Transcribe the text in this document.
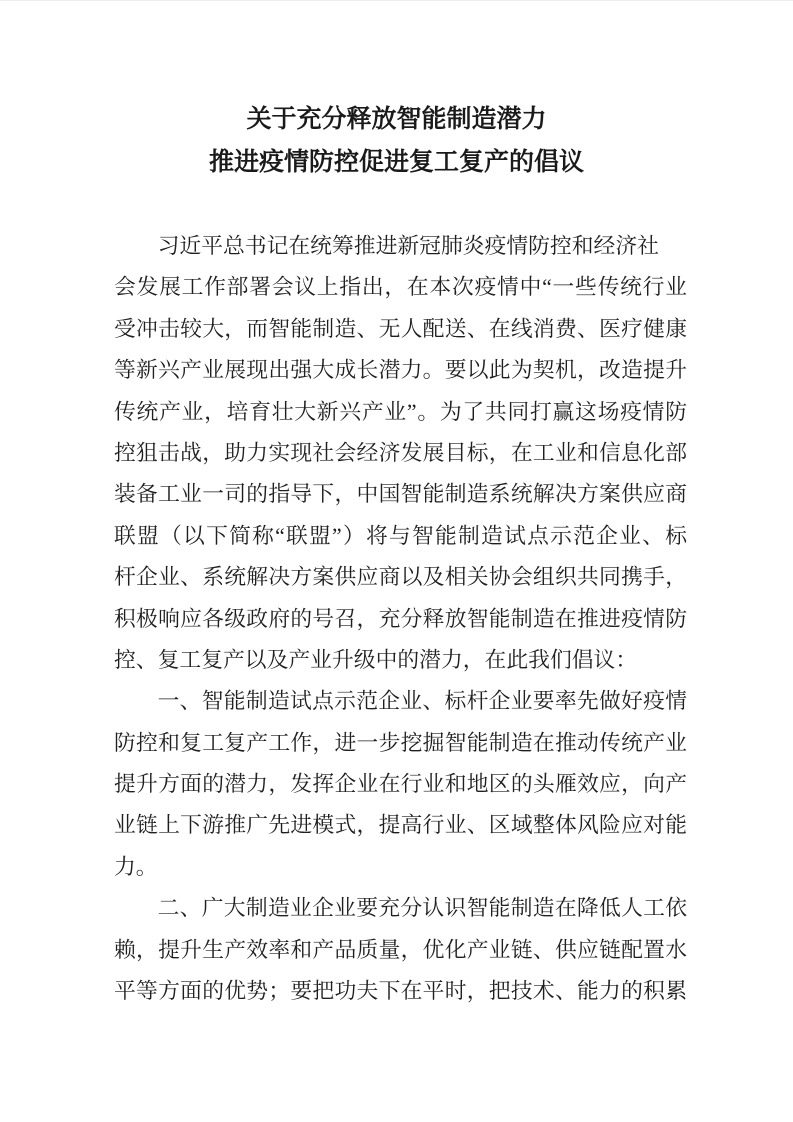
关于充分释放智能制造潜力
推进疫情防控促进复工复产的倡议
习近平总书记在统筹推进新冠肺炎疫情防控和经济社
会发展工作部署会议上指出，在本次疫情中“一些传统行业
受冲击较大，而智能制造、无人配送、在线消费、医疗健康
等新兴产业展现出强大成长潜力。要以此为契机，改造提升
传统产业，培育壮大新兴产业”。为了共同打赢这场疫情防
控狙击战，助力实现社会经济发展目标，在工业和信息化部
装备工业一司的指导下，中国智能制造系统解决方案供应商
联盟（以下简称“联盟”）将与智能制造试点示范企业、标
杆企业、系统解决方案供应商以及相关协会组织共同携手，
积极响应各级政府的号召，充分释放智能制造在推进疫情防
控、复工复产以及产业升级中的潜力，在此我们倡议：
一、智能制造试点示范企业、标杆企业要率先做好疫情
防控和复工复产工作，进一步挖掘智能制造在推动传统产业
提升方面的潜力，发挥企业在行业和地区的头雁效应，向产
业链上下游推广先进模式，提高行业、区域整体风险应对能
力。
二、广大制造业企业要充分认识智能制造在降低人工依
赖，提升生产效率和产品质量，优化产业链、供应链配置水
平等方面的优势；要把功夫下在平时，把技术、能力的积累
